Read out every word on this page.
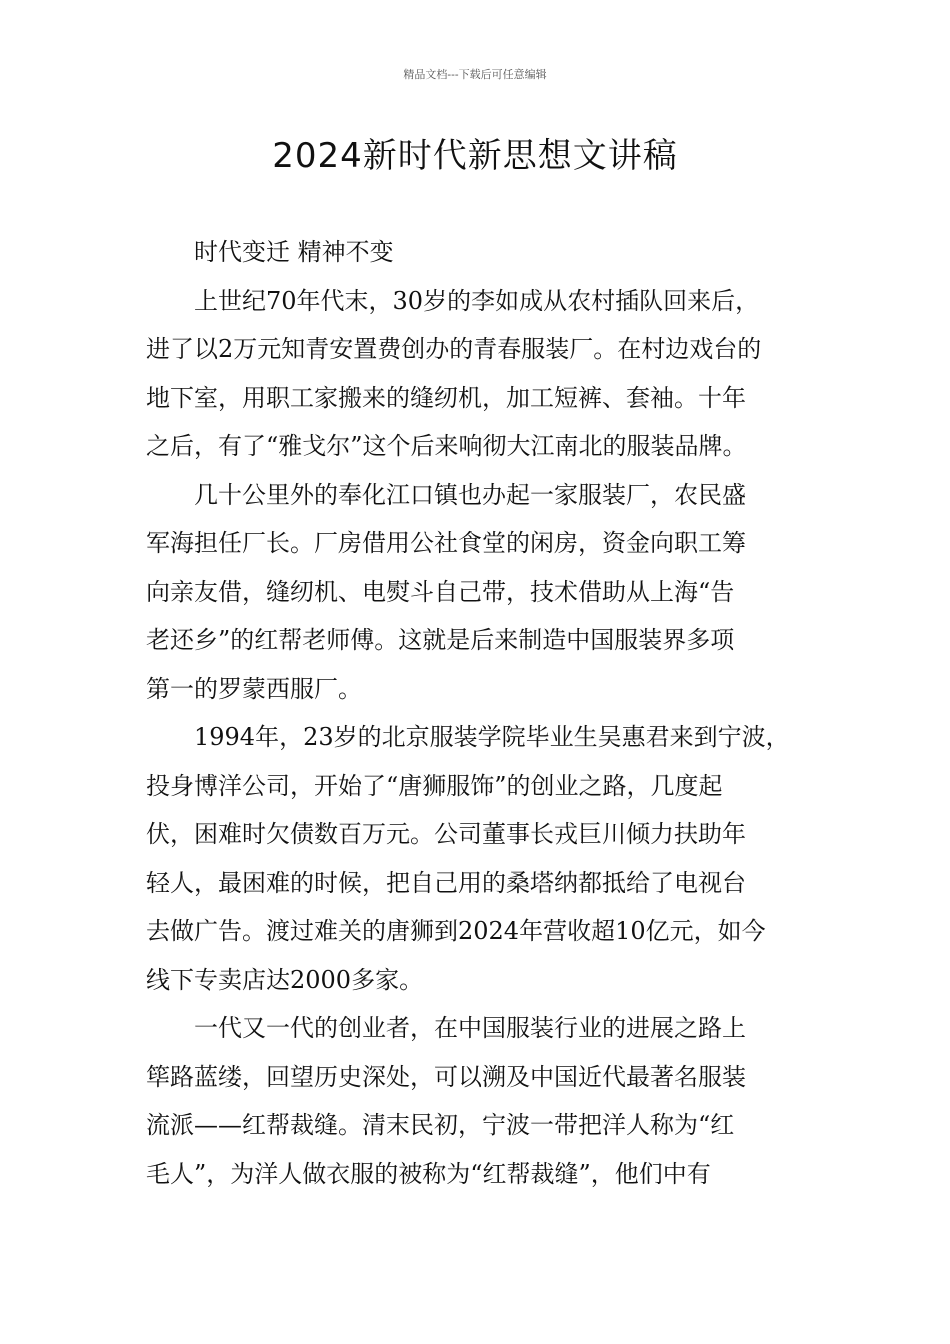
精品文档---下载后可任意编辑
2024新时代新思想文讲稿
时代变迁 精神不变
上世纪70年代末，30岁的李如成从农村插队回来后，
进了以2万元知青安置费创办的青春服装厂。在村边戏台的
地下室，用职工家搬来的缝纫机，加工短裤、套袖。十年
之后，有了“雅戈尔”这个后来响彻大江南北的服装品牌。
几十公里外的奉化江口镇也办起一家服装厂，农民盛
军海担任厂长。厂房借用公社食堂的闲房，资金向职工筹
向亲友借，缝纫机、电熨斗自己带，技术借助从上海“告
老还乡”的红帮老师傅。这就是后来制造中国服装界多项
第一的罗蒙西服厂。
1994年，23岁的北京服装学院毕业生吴惠君来到宁波，
投身博洋公司，开始了“唐狮服饰”的创业之路，几度起
伏，困难时欠债数百万元。公司董事长戎巨川倾力扶助年
轻人，最困难的时候，把自己用的桑塔纳都抵给了电视台
去做广告。渡过难关的唐狮到2024年营收超10亿元，如今
线下专卖店达2000多家。
一代又一代的创业者，在中国服装行业的进展之路上
筚路蓝缕，回望历史深处，可以溯及中国近代最著名服装
流派——红帮裁缝。清末民初，宁波一带把洋人称为“红
毛人”，为洋人做衣服的被称为“红帮裁缝”，他们中有
